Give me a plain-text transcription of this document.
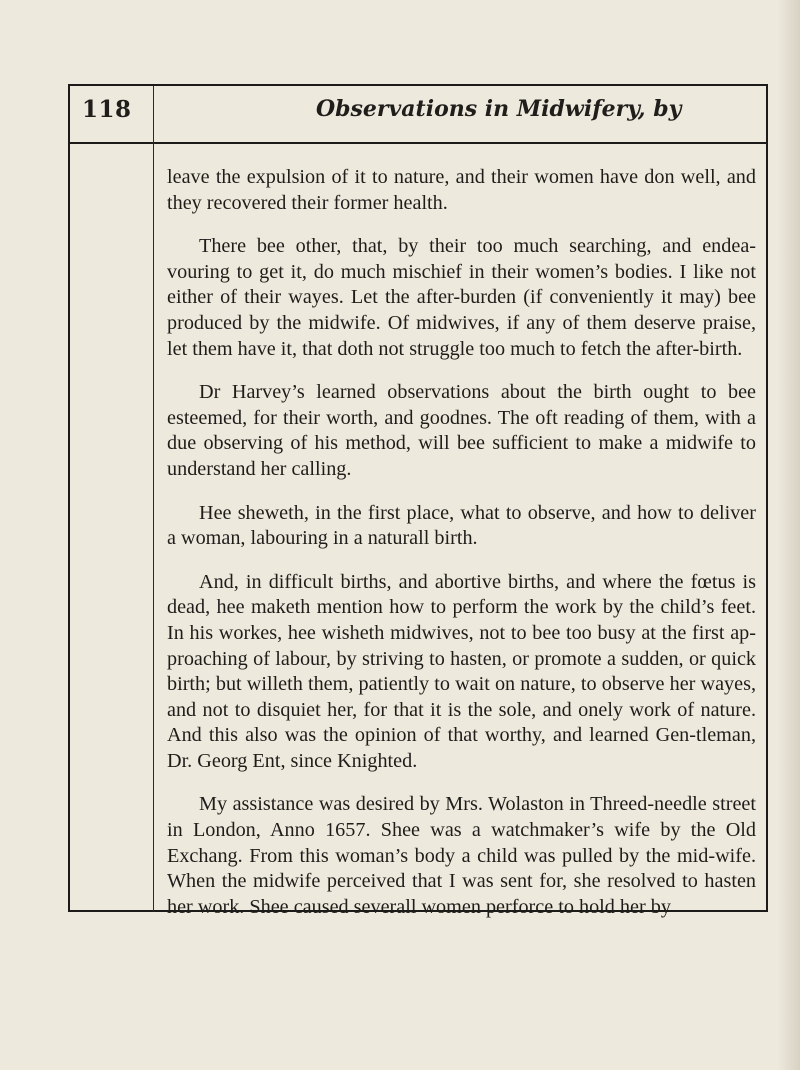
118	Observations in Midwifery, by

leave the expulsion of it to nature, and their women have don well, and they recovered their former health.

There bee other, that, by their too much searching, and endea-vouring to get it, do much mischief in their women’s bodies. I like not either of their wayes. Let the after-burden (if conveniently it may) bee produced by the midwife. Of midwives, if any of them deserve praise, let them have it, that doth not struggle too much to fetch the after-birth.

Dr Harvey’s learned observations about the birth ought to bee esteemed, for their worth, and goodnes. The oft reading of them, with a due observing of his method, will bee sufficient to make a midwife to understand her calling.

Hee sheweth, in the first place, what to observe, and how to deliver a woman, labouring in a naturall birth.

And, in difficult births, and abortive births, and where the fœtus is dead, hee maketh mention how to perform the work by the child’s feet. In his workes, hee wisheth midwives, not to bee too busy at the first ap-proaching of labour, by striving to hasten, or promote a sudden, or quick birth; but willeth them, patiently to wait on nature, to observe her wayes, and not to disquiet her, for that it is the sole, and onely work of nature. And this also was the opinion of that worthy, and learned Gen-tleman, Dr. Georg Ent, since Knighted.

My assistance was desired by Mrs. Wolaston in Threed-needle street in London, Anno 1657. Shee was a watchmaker’s wife by the Old Exchang. From this woman’s body a child was pulled by the mid-wife. When the midwife perceived that I was sent for, she resolved to hasten her work. Shee caused severall women perforce to hold her by
